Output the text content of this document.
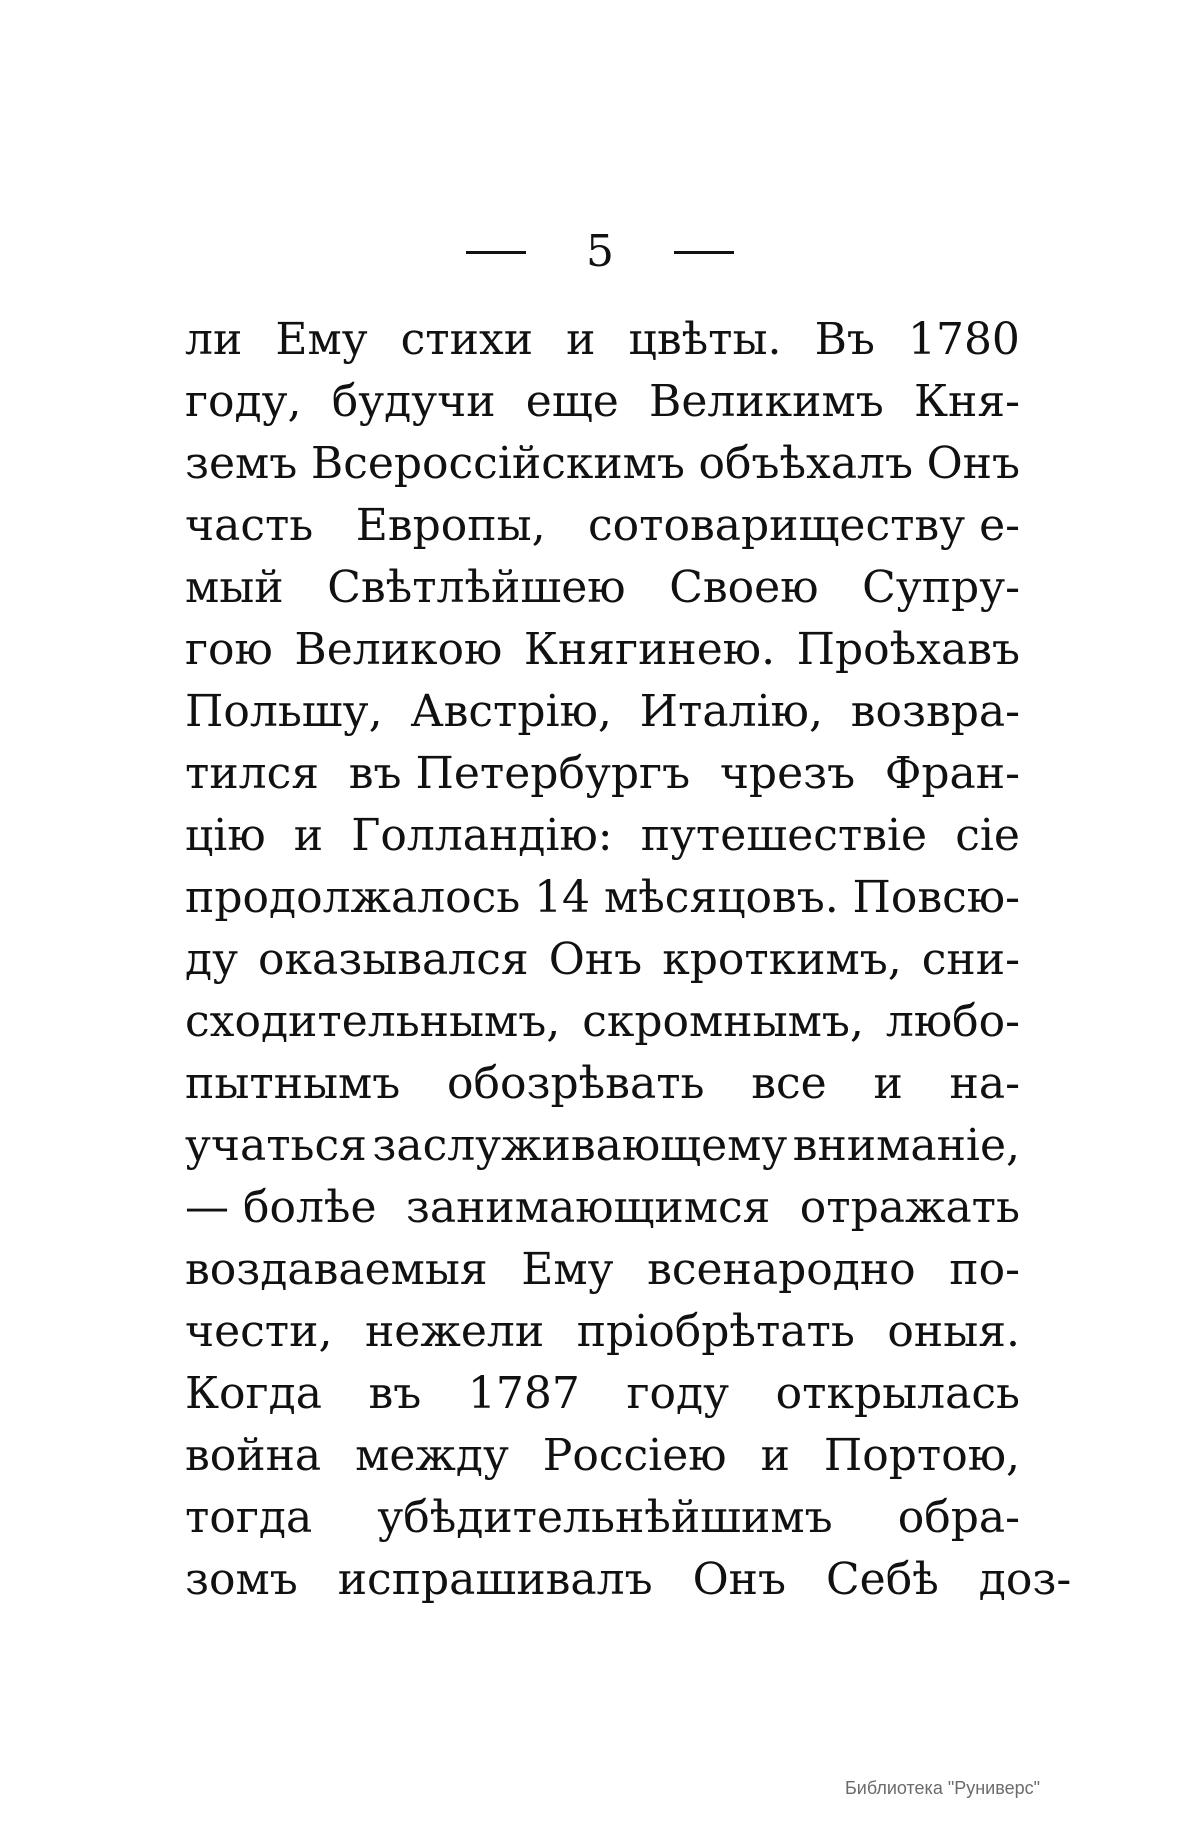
5
ли Ему стихи и цвѣты. Въ 1780
году, будучи еще Великимъ Кня-
земъ Всероссійскимъ объѣхалъ Онъ
часть Европы, сотовариществу е-
мый Свѣтлѣйшею Своею Супру-
гою Великою Княгинею. Проѣхавъ
Польшу, Австрію, Италію, возвра-
тился въ Петербургъ чрезъ Фран-
цію и Голландію: путешествіе сіе
продолжалось 14 мѣсяцовъ. Повсю-
ду оказывался Онъ кроткимъ, сни-
сходительнымъ, скромнымъ, любо-
пытнымъ обозрѣвать все и на-
учаться заслуживающему вниманіе,
— болѣе занимающимся отражать
воздаваемыя Ему всенародно по-
чести, нежели пріобрѣтать оныя.
Когда въ 1787 году открылась
война между Россіею и Портою,
тогда убѣдительнѣйшимъ обра-
зомъ испрашивалъ Онъ Себѣ доз-
Библиотека "Руниверс"
